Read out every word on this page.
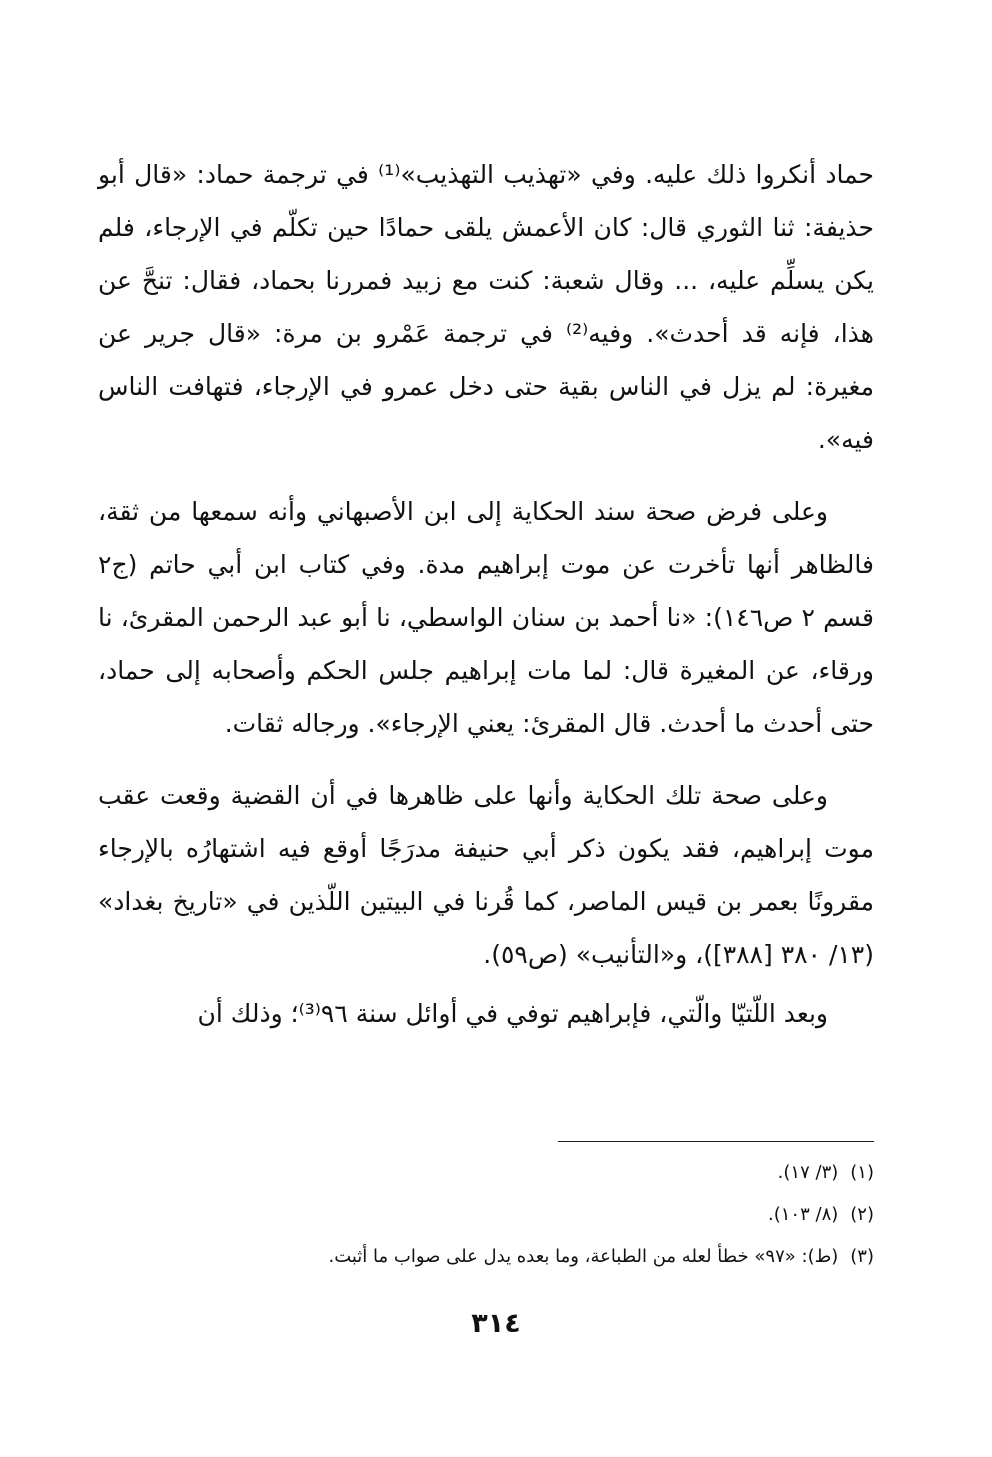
حماد أنكروا ذلك عليه. وفي «تهذيب التهذيب»⁽¹⁾ في ترجمة حماد: «قال أبو حذيفة: ثنا الثوري قال: كان الأعمش يلقى حمادًا حين تكلّم في الإرجاء، فلم يكن يسلِّم عليه، ... وقال شعبة: كنت مع زبيد فمررنا بحماد، فقال: تنحَّ عن هذا، فإنه قد أحدث». وفيه⁽²⁾ في ترجمة عَمْرو بن مرة: «قال جرير عن مغيرة: لم يزل في الناس بقية حتى دخل عمرو في الإرجاء، فتهافت الناس فيه».

وعلى فرض صحة سند الحكاية إلى ابن الأصبهاني وأنه سمعها من ثقة، فالظاهر أنها تأخرت عن موت إبراهيم مدة. وفي كتاب ابن أبي حاتم (ج٢ قسم ٢ ص١٤٦): «نا أحمد بن سنان الواسطي، نا أبو عبد الرحمن المقرئ، نا ورقاء، عن المغيرة قال: لما مات إبراهيم جلس الحكم وأصحابه إلى حماد، حتى أحدث ما أحدث. قال المقرئ: يعني الإرجاء». ورجاله ثقات.

وعلى صحة تلك الحكاية وأنها على ظاهرها في أن القضية وقعت عقب موت إبراهيم، فقد يكون ذكر أبي حنيفة مدرَجًا أوقع فيه اشتهارُه بالإرجاء مقرونًا بعمر بن قيس الماصر، كما قُرنا في البيتين اللّذين في «تاريخ بغداد» (١٣/ ٣٨٠ [٣٨٨])، و«التأنيب» (ص٥٩).

وبعد اللّتيّا والّتي، فإبراهيم توفي في أوائل سنة ٩٦⁽³⁾؛ وذلك أن

(١)(٣/ ١٧).

(٢)(٨/ ١٠٣).

(٣)(ط): «٩٧» خطأ لعله من الطباعة، وما بعده يدل على صواب ما أثبت.

٣١٤
